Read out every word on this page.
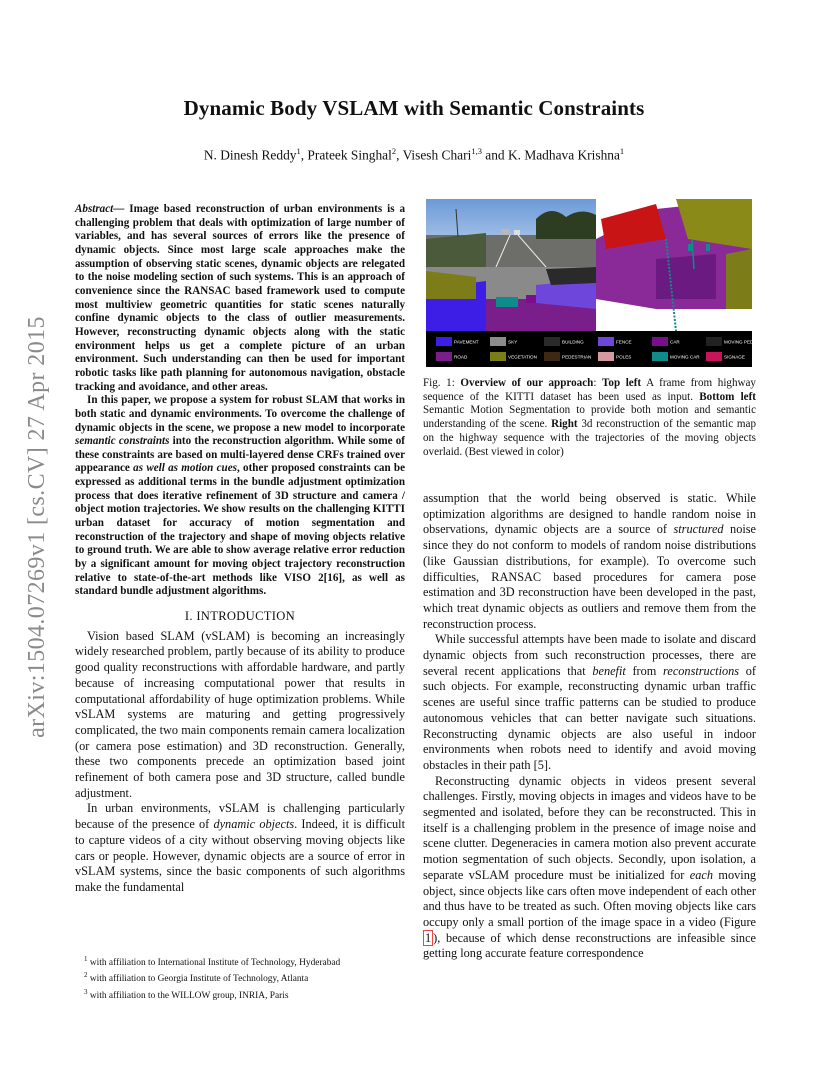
Dynamic Body VSLAM with Semantic Constraints
N. Dinesh Reddy$^1$, Prateek Singhal$^2$, Visesh Chari$^{1,3}$ and K. Madhava Krishna$^1$
arXiv:1504.07269v1 [cs.CV] 27 Apr 2015

Abstract— Image based reconstruction of urban environments is a challenging problem that deals with optimization of large number of variables, and has several sources of errors like the presence of dynamic objects. Since most large scale approaches make the assumption of observing static scenes, dynamic objects are relegated to the noise modeling section of such systems. This is an approach of convenience since the RANSAC based framework used to compute most multiview geometric quantities for static scenes naturally confine dynamic objects to the class of outlier measurements. However, reconstructing dynamic objects along with the static environment helps us get a complete picture of an urban environment. Such understanding can then be used for important robotic tasks like path planning for autonomous navigation, obstacle tracking and avoidance, and other areas.

In this paper, we propose a system for robust SLAM that works in both static and dynamic environments. To overcome the challenge of dynamic objects in the scene, we propose a new model to incorporate semantic constraints into the reconstruction algorithm. While some of these constraints are based on multi-layered dense CRFs trained over appearance as well as motion cues, other proposed constraints can be expressed as additional terms in the bundle adjustment optimization process that does iterative refinement of 3D structure and camera / object motion trajectories. We show results on the challenging KITTI urban dataset for accuracy of motion segmentation and reconstruction of the trajectory and shape of moving objects relative to ground truth. We are able to show average relative error reduction by a significant amount for moving object trajectory reconstruction relative to state-of-the-art methods like VISO 2[16], as well as standard bundle adjustment algorithms.

I. INTRODUCTION

Vision based SLAM (vSLAM) is becoming an increasingly widely researched problem, partly because of its ability to produce good quality reconstructions with affordable hardware, and partly because of increasing computational power that results in computational affordability of huge optimization problems. While vSLAM systems are maturing and getting progressively complicated, the two main components remain camera localization (or camera pose estimation) and 3D reconstruction. Generally, these two components precede an optimization based joint refinement of both camera pose and 3D structure, called bundle adjustment.

In urban environments, vSLAM is challenging particularly because of the presence of dynamic objects. Indeed, it is difficult to capture videos of a city without observing moving objects like cars or people. However, dynamic objects are a source of error in vSLAM systems, since the basic components of such algorithms make the fundamental

$^1$ with affiliation to International Institute of Technology, Hyderabad
$^2$ with affiliation to Georgia Institute of Technology, Atlanta
$^3$ with affiliation to the WILLOW group, INRIA, Paris
PAVEMENT	SKY	BUILDING	FENCE	CAR	MOVING PEDESTRIAN
ROAD	VEGETATION	PEDESTRIAN	POLES	MOVING CAR	SIGNAGE
Fig. 1: Overview of our approach: Top left A frame from highway sequence of the KITTI dataset has been used as input. Bottom left Semantic Motion Segmentation to provide both motion and semantic understanding of the scene. Right 3d reconstruction of the semantic map on the highway sequence with the trajectories of the moving objects overlaid. (Best viewed in color)

assumption that the world being observed is static. While optimization algorithms are designed to handle random noise in observations, dynamic objects are a source of structured noise since they do not conform to models of random noise distributions (like Gaussian distributions, for example). To overcome such difficulties, RANSAC based procedures for camera pose estimation and 3D reconstruction have been developed in the past, which treat dynamic objects as outliers and remove them from the reconstruction process.

While successful attempts have been made to isolate and discard dynamic objects from such reconstruction processes, there are several recent applications that benefit from reconstructions of such objects. For example, reconstructing dynamic urban traffic scenes are useful since traffic patterns can be studied to produce autonomous vehicles that can better navigate such situations. Reconstructing dynamic objects are also useful in indoor environments when robots need to identify and avoid moving obstacles in their path [5].

Reconstructing dynamic objects in videos present several challenges. Firstly, moving objects in images and videos have to be segmented and isolated, before they can be reconstructed. This in itself is a challenging problem in the presence of image noise and scene clutter. Degeneracies in camera motion also prevent accurate motion segmentation of such objects. Secondly, upon isolation, a separate vSLAM procedure must be initialized for each moving object, since objects like cars often move independent of each other and thus have to be treated as such. Often moving objects like cars occupy only a small portion of the image space in a video (Figure 1 ), because of which dense reconstructions are infeasible since getting long accurate feature correspondence
